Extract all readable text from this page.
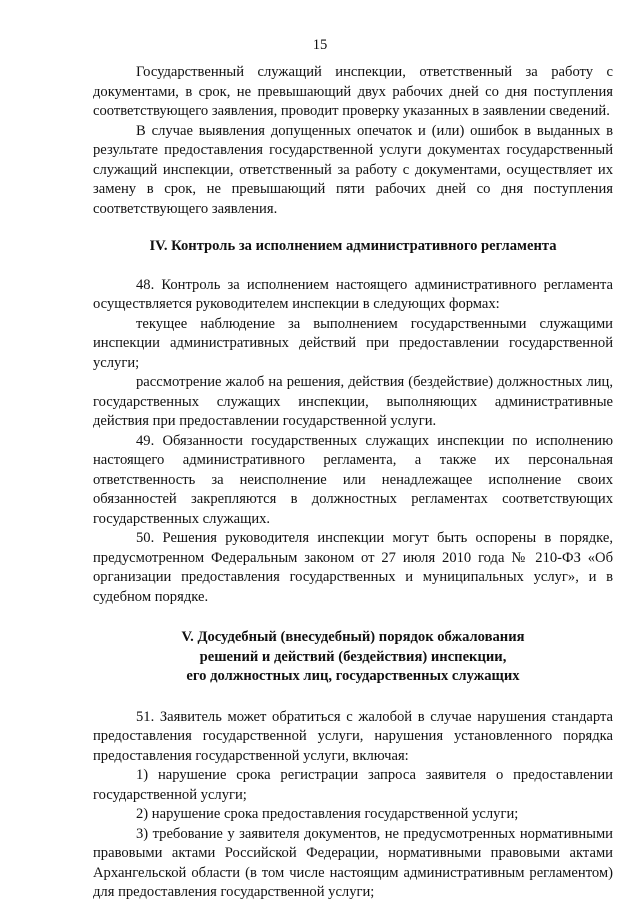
15

Государственный служащий инспекции, ответственный за работу с документами, в срок, не превышающий двух рабочих дней со дня поступления соответствующего заявления, проводит проверку указанных в заявлении сведений.

В случае выявления допущенных опечаток и (или) ошибок в выданных в результате предоставления государственной услуги документах государственный служащий инспекции, ответственный за работу с документами, осуществляет их замену в срок, не превышающий пяти рабочих дней со дня поступления соответствующего заявления.

IV. Контроль за исполнением административного регламента

48. Контроль за исполнением настоящего административного регламента осуществляется руководителем инспекции в следующих формах:

текущее наблюдение за выполнением государственными служащими инспекции административных действий при предоставлении государственной услуги;

рассмотрение жалоб на решения, действия (бездействие) должностных лиц, государственных служащих инспекции, выполняющих административные действия при предоставлении государственной услуги.

49. Обязанности государственных служащих инспекции по исполнению настоящего административного регламента, а также их персональная ответственность за неисполнение или ненадлежащее исполнение своих обязанностей закрепляются в должностных регламентах соответствующих государственных служащих.

50. Решения руководителя инспекции могут быть оспорены в порядке, предусмотренном Федеральным законом от 27 июля 2010 года № 210-ФЗ «Об организации предоставления государственных и муниципальных услуг», и в судебном порядке.

V. Досудебный (внесудебный) порядок обжалования
решений и действий (бездействия) инспекции,
его должностных лиц, государственных служащих

51. Заявитель может обратиться с жалобой в случае нарушения стандарта предоставления государственной услуги, нарушения установленного порядка предоставления государственной услуги, включая:

1) нарушение срока регистрации запроса заявителя о предоставлении государственной услуги;

2) нарушение срока предоставления государственной услуги;

3) требование у заявителя документов, не предусмотренных нормативными правовыми актами Российской Федерации, нормативными правовыми актами Архангельской области (в том числе настоящим административным регламентом) для предоставления государственной услуги;
